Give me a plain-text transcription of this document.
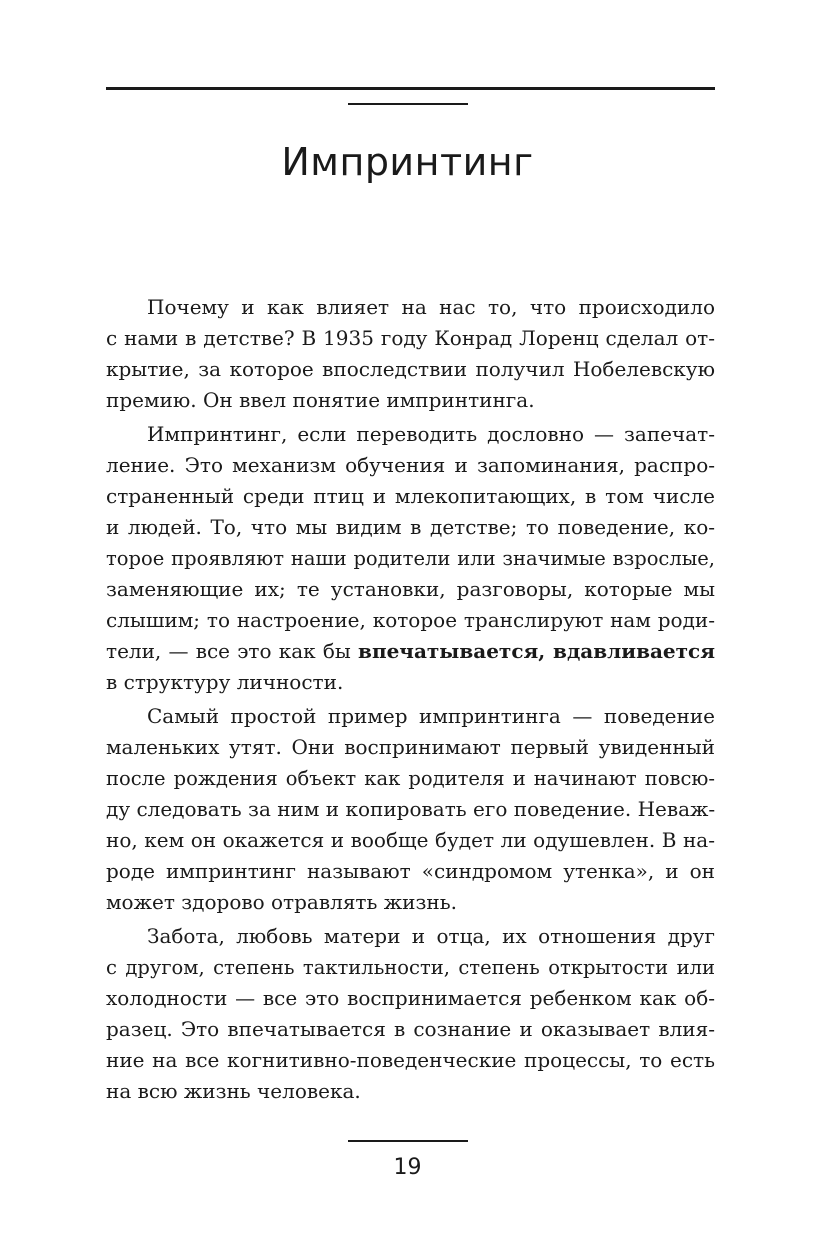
Импринтинг

Почему и как влияет на нас то, что происходило
с нами в детстве? В 1935 году Конрад Лоренц сделал от-
крытие, за которое впоследствии получил Нобелевскую
премию. Он ввел понятие импринтинга.

Импринтинг, если переводить дословно — запечат-
ление. Это механизм обучения и запоминания, распро-
страненный среди птиц и млекопитающих, в том числе
и людей. То, что мы видим в детстве; то поведение, ко-
торое проявляют наши родители или значимые взрослые,
заменяющие их; те установки, разговоры, которые мы
слышим; то настроение, которое транслируют нам роди-
тели, — все это как бы впечатывается, вдавливается
в структуру личности.

Самый простой пример импринтинга — поведение
маленьких утят. Они воспринимают первый увиденный
после рождения объект как родителя и начинают повсю-
ду следовать за ним и копировать его поведение. Неваж-
но, кем он окажется и вообще будет ли одушевлен. В на-
роде импринтинг называют «синдромом утенка», и он
может здорово отравлять жизнь.

Забота, любовь матери и отца, их отношения друг
с другом, степень тактильности, степень открытости или
холодности — все это воспринимается ребенком как об-
разец. Это впечатывается в сознание и оказывает влия-
ние на все когнитивно-поведенческие процессы, то есть
на всю жизнь человека.

19
